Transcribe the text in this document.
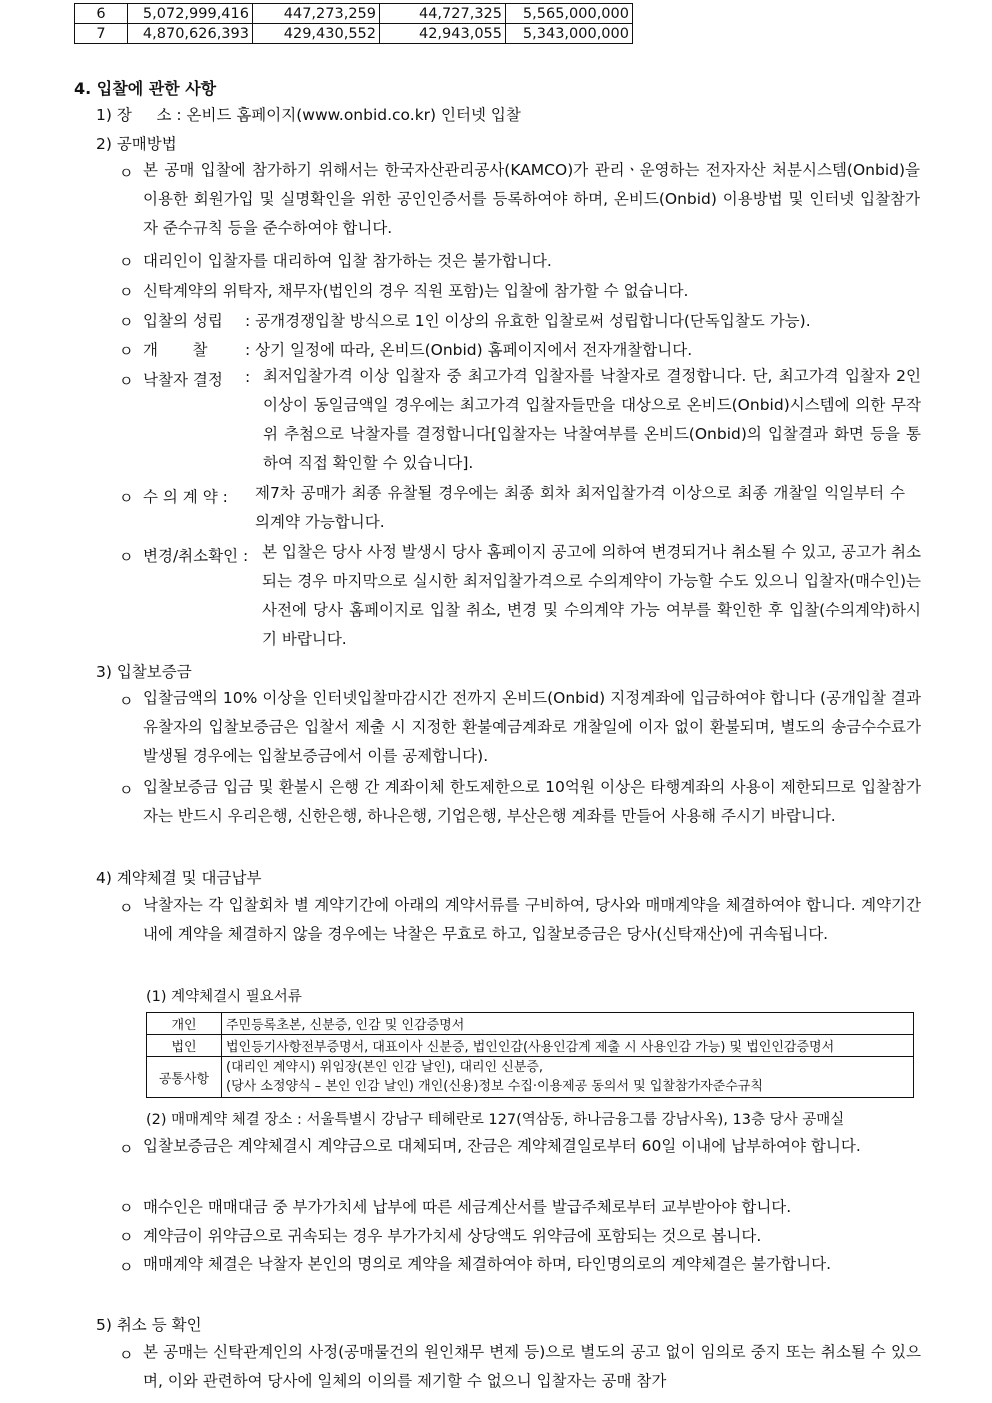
6	5,072,999,416	447,273,259	44,727,325	5,565,000,000
7	4,870,626,393	429,430,552	42,943,055	5,343,000,000
4. 입찰에 관한 사항
1) 장     소 : 온비드 홈페이지(www.onbid.co.kr) 인터넷 입찰
2) 공매방법
ㅇ 본 공매 입찰에 참가하기 위해서는 한국자산관리공사(KAMCO)가 관리ㆍ운영하는 전자자산 처분시스템(Onbid)을 이용한 회원가입 및 실명확인을 위한 공인인증서를 등록하여야 하며, 온비드(Onbid) 이용방법 및 인터넷 입찰참가자 준수규칙 등을 준수하여야 합니다.
ㅇ 대리인이 입찰자를 대리하여 입찰 참가하는 것은 불가합니다.
ㅇ 신탁계약의 위탁자, 채무자(법인의 경우 직원 포함)는 입찰에 참가할 수 없습니다.
ㅇ 입찰의 성립 : 공개경쟁입찰 방식으로 1인 이상의 유효한 입찰로써 성립합니다(단독입찰도 가능).
ㅇ 개       찰 : 상기 일정에 따라, 온비드(Onbid) 홈페이지에서 전자개찰합니다.
ㅇ 낙찰자 결정 : 최저입찰가격 이상 입찰자 중 최고가격 입찰자를 낙찰자로 결정합니다. 단, 최고가격 입찰자 2인 이상이 동일금액일 경우에는 최고가격 입찰자들만을 대상으로 온비드(Onbid)시스템에 의한 무작위 추첨으로 낙찰자를 결정합니다[입찰자는 낙찰여부를 온비드(Onbid)의 입찰결과 화면 등을 통하여 직접 확인할 수 있습니다].
ㅇ 수 의 계 약 : 제7차 공매가 최종 유찰될 경우에는 최종 회차 최저입찰가격 이상으로 최종 개찰일 익일부터 수의계약 가능합니다.
ㅇ 변경/취소확인 : 본 입찰은 당사 사정 발생시 당사 홈페이지 공고에 의하여 변경되거나 취소될 수 있고, 공고가 취소되는 경우 마지막으로 실시한 최저입찰가격으로 수의계약이 가능할 수도 있으니 입찰자(매수인)는 사전에 당사 홈페이지로 입찰 취소, 변경 및 수의계약 가능 여부를 확인한 후 입찰(수의계약)하시기 바랍니다.
3) 입찰보증금
ㅇ 입찰금액의 10% 이상을 인터넷입찰마감시간 전까지 온비드(Onbid) 지정계좌에 입금하여야 합니다 (공개입찰 결과 유찰자의 입찰보증금은 입찰서 제출 시 지정한 환불예금계좌로 개찰일에 이자 없이 환불되며, 별도의 송금수수료가 발생될 경우에는 입찰보증금에서 이를 공제합니다).
ㅇ 입찰보증금 입금 및 환불시 은행 간 계좌이체 한도제한으로 10억원 이상은 타행계좌의 사용이 제한되므로 입찰참가자는 반드시 우리은행, 신한은행, 하나은행, 기업은행, 부산은행 계좌를 만들어 사용해 주시기 바랍니다.
4) 계약체결 및 대금납부
ㅇ 낙찰자는 각 입찰회차 별 계약기간에 아래의 계약서류를 구비하여, 당사와 매매계약을 체결하여야 합니다. 계약기간 내에 계약을 체결하지 않을 경우에는 낙찰은 무효로 하고, 입찰보증금은 당사(신탁재산)에 귀속됩니다.
(1) 계약체결시 필요서류
개인	주민등록초본, 신분증, 인감 및 인감증명서
법인	법인등기사항전부증명서, 대표이사 신분증, 법인인감(사용인감계 제출 시 사용인감 가능) 및 법인인감증명서
공통사항	(대리인 계약시) 위임장(본인 인감 날인), 대리인 신분증,
(당사 소정양식 – 본인 인감 날인) 개인(신용)정보 수집·이용제공 동의서 및 입찰참가자준수규칙
(2) 매매계약 체결 장소 : 서울특별시 강남구 테헤란로 127(역삼동, 하나금융그룹 강남사옥), 13층 당사 공매실
ㅇ 입찰보증금은 계약체결시 계약금으로 대체되며, 잔금은 계약체결일로부터 60일 이내에 납부하여야 합니다.
ㅇ 매수인은 매매대금 중 부가가치세 납부에 따른 세금계산서를 발급주체로부터 교부받아야 합니다.
ㅇ 계약금이 위약금으로 귀속되는 경우 부가가치세 상당액도 위약금에 포함되는 것으로 봅니다.
ㅇ 매매계약 체결은 낙찰자 본인의 명의로 계약을 체결하여야 하며, 타인명의로의 계약체결은 불가합니다.
5) 취소 등 확인
ㅇ 본 공매는 신탁관계인의 사정(공매물건의 원인채무 변제 등)으로 별도의 공고 없이 임의로 중지 또는 취소될 수 있으며, 이와 관련하여 당사에 일체의 이의를 제기할 수 없으니 입찰자는 공매 참가
